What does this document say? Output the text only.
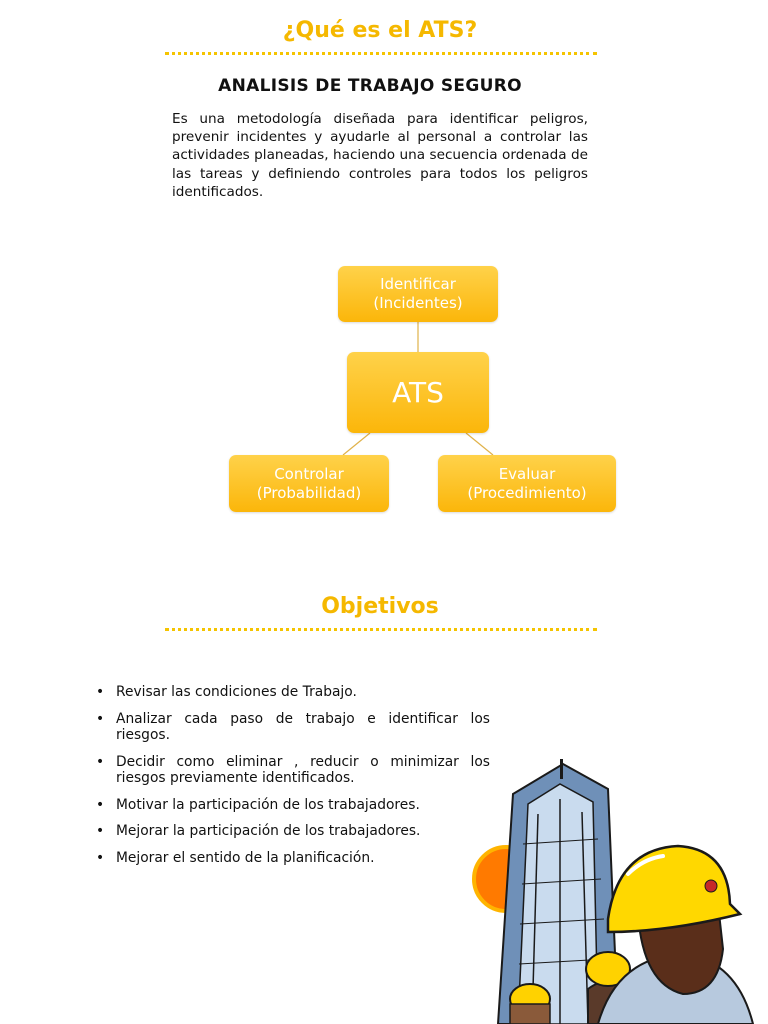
¿Qué es el ATS?
ANALISIS DE TRABAJO SEGURO
Es una metodología diseñada para identificar peligros, prevenir incidentes y ayudarle al personal a controlar las actividades planeadas, haciendo una secuencia ordenada de las tareas y definiendo controles para todos los peligros identificados.
Identificar
(Incidentes)
ATS
Controlar
(Probabilidad)
Evaluar
(Procedimiento)
Objetivos
• Revisar las condiciones de Trabajo.
• Analizar cada paso de trabajo e identificar los riesgos.
• Decidir como eliminar , reducir o minimizar los riesgos previamente identificados.
• Motivar la participación de los trabajadores.
• Mejorar la participación de los trabajadores.
• Mejorar el sentido de la planificación.
